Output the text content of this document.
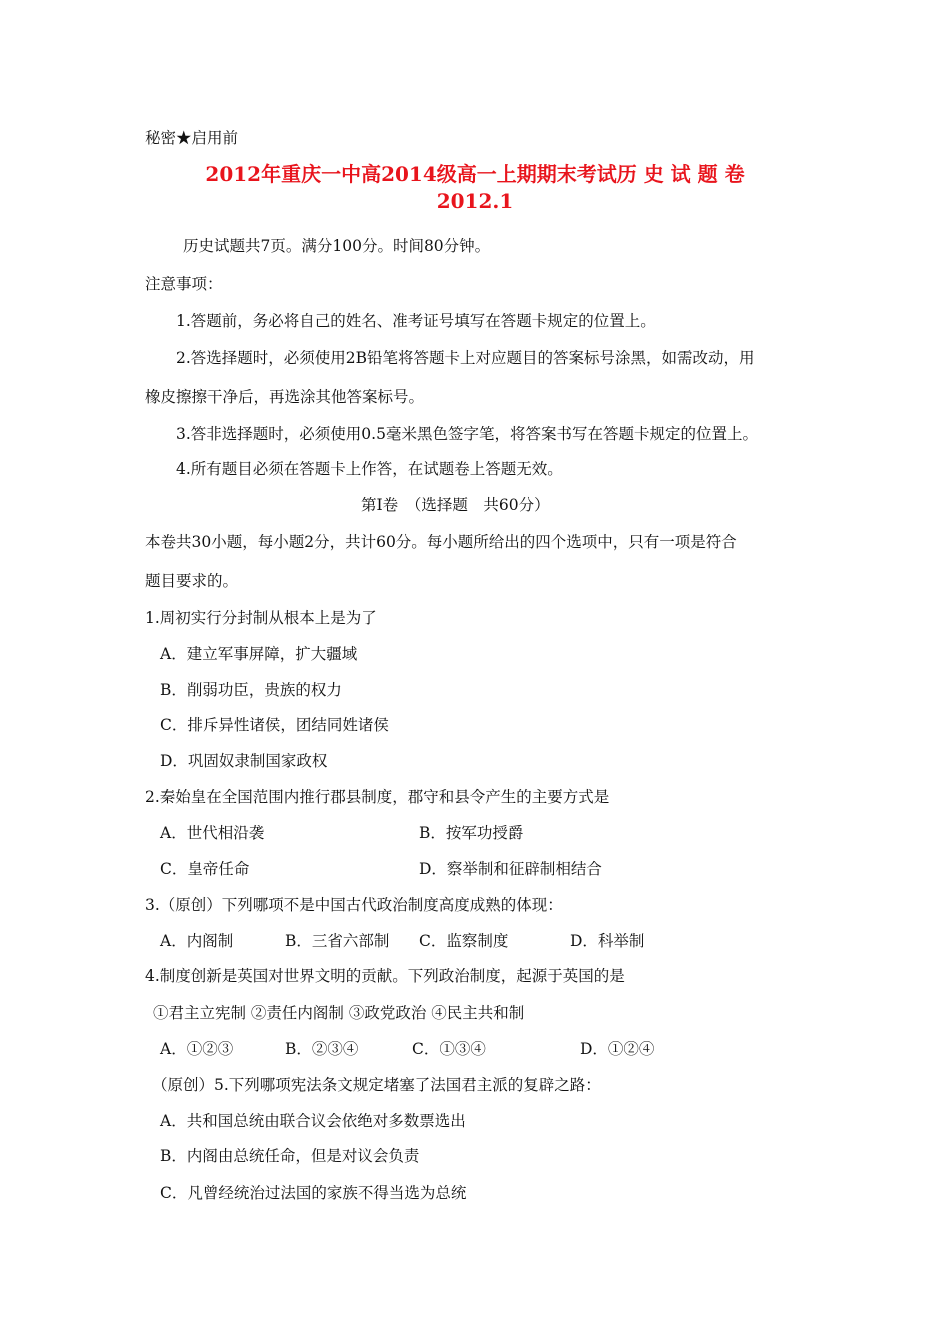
秘密★启用前
2012年重庆一中高2014级高一上期期末考试历 史 试 题 卷
2012.1
历史试题共7页。满分100分。时间80分钟。
注意事项：
1.答题前，务必将自己的姓名、准考证号填写在答题卡规定的位置上。
2.答选择题时，必须使用2B铅笔将答题卡上对应题目的答案标号涂黑，如需改动，用
橡皮擦擦干净后，再选涂其他答案标号。
3.答非选择题时，必须使用0.5毫米黑色签字笔，将答案书写在答题卡规定的位置上。
4.所有题目必须在答题卡上作答，在试题卷上答题无效。
第Ⅰ卷　（选择题　共60分）
本卷共30小题，每小题2分，共计60分。每小题所给出的四个选项中，只有一项是符合
题目要求的。
1.周初实行分封制从根本上是为了
A．建立军事屏障，扩大疆域
B．削弱功臣，贵族的权力
C．排斥异性诸侯，团结同姓诸侯
D．巩固奴隶制国家政权
2.秦始皇在全国范围内推行郡县制度，郡守和县令产生的主要方式是
A．世代相沿袭	B．按军功授爵
C．皇帝任命	D．察举制和征辟制相结合
3.（原创）下列哪项不是中国古代政治制度高度成熟的体现：
A．内阁制	B．三省六部制 C．监察制度	D．科举制
4.制度创新是英国对世界文明的贡献。下列政治制度，起源于英国的是
①君主立宪制 ②责任内阁制 ③政党政治 ④民主共和制
A．①②③	B．②③④	C．①③④	D．①②④
（原创）5.下列哪项宪法条文规定堵塞了法国君主派的复辟之路：
A．共和国总统由联合议会依绝对多数票选出
B．内阁由总统任命，但是对议会负责
C．凡曾经统治过法国的家族不得当选为总统
